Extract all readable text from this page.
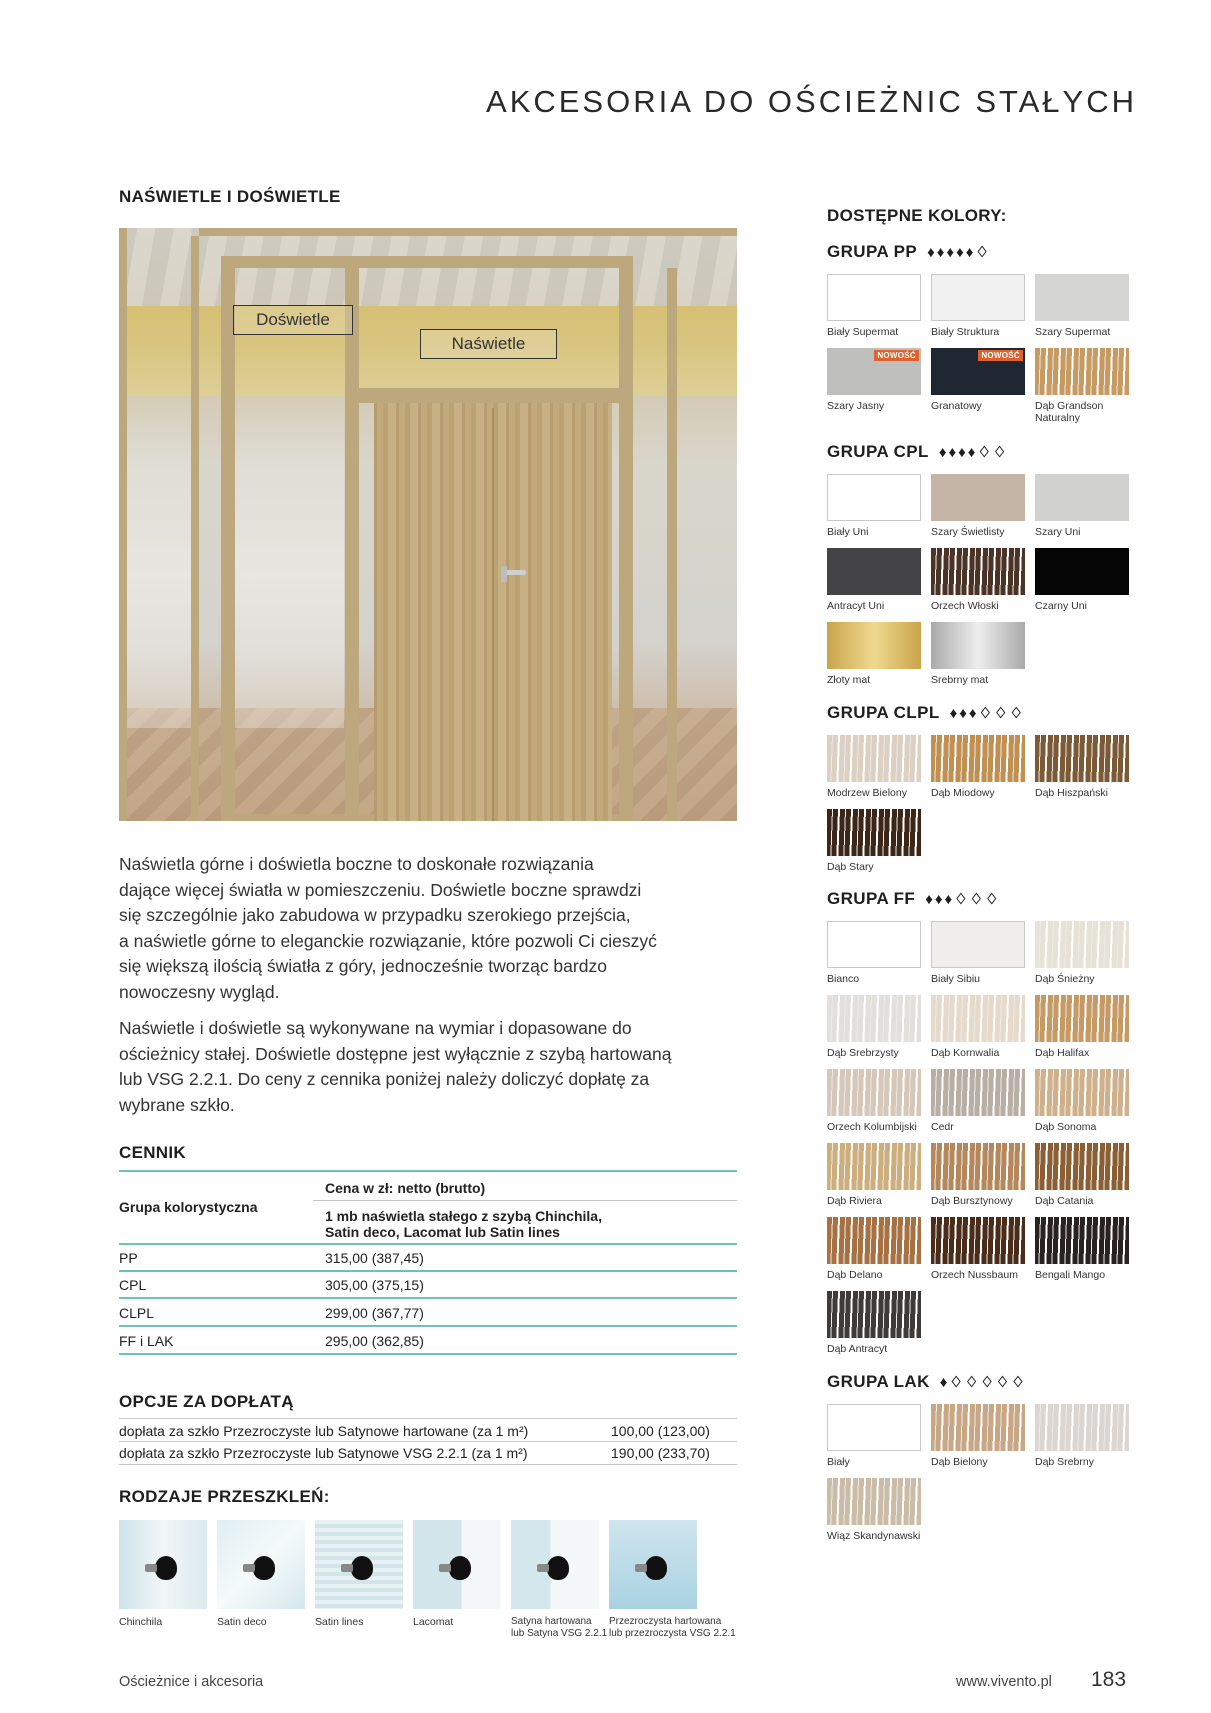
AKCESORIA DO OŚCIEŻNIC STAŁYCH
NAŚWIETLE I DOŚWIETLE
Doświetle
Naświetle
Naświetla górne i doświetla boczne to doskonałe rozwiązania
dające więcej światła w pomieszczeniu. Doświetle boczne sprawdzi
się szczególnie jako zabudowa w przypadku szerokiego przejścia,
a naświetle górne to eleganckie rozwiązanie, które pozwoli Ci cieszyć
się większą ilością światła z góry, jednocześnie tworząc bardzo
nowoczesny wygląd.
Naświetle i doświetle są wykonywane na wymiar i dopasowane do
ościeżnicy stałej. Doświetle dostępne jest wyłącznie z szybą hartowaną
lub VSG 2.2.1. Do ceny z cennika poniżej należy doliczyć dopłatę za
wybrane szkło.
CENNIK
Cena w zł: netto (brutto)
Grupa kolorystyczna
1 mb naświetla stałego z szybą Chinchila,
Satin deco, Lacomat lub Satin lines
PP	315,00 (387,45)
CPL	305,00 (375,15)
CLPL	299,00 (367,77)
FF i LAK	295,00 (362,85)
OPCJE ZA DOPŁATĄ
dopłata za szkło Przezroczyste lub Satynowe hartowane (za 1 m²)	100,00 (123,00)
dopłata za szkło Przezroczyste lub Satynowe VSG 2.2.1 (za 1 m²)	190,00 (233,70)
RODZAJE PRZESZKLEŃ:
Chinchila	Satin deco	Satin lines	Lacomat	Satyna hartowana
lub Satyna VSG 2.2.1
Przezroczysta hartowana
lub przezroczysta VSG 2.2.1
DOSTĘPNE KOLORY:
GRUPA PP ♦♦♦♦♦♢
Biały Supermat	Biały Struktura	Szary Supermat
NOWOŚĆ
Szary Jasny
NOWOŚĆ
Granatowy	Dąb Grandson Naturalny
GRUPA CPL ♦♦♦♦♢♢
Biały Uni	Szary Świetlisty	Szary Uni
Antracyt Uni	Orzech Włoski	Czarny Uni
Złoty mat	Srebrny mat
GRUPA CLPL ♦♦♦♢♢♢
Modrzew Bielony	Dąb Miodowy	Dąb Hiszpański
Dąb Stary
GRUPA FF ♦♦♦♢♢♢
Bianco	Biały Sibiu	Dąb Śnieżny
Dąb Srebrzysty	Dąb Kornwalia	Dąb Halifax
Orzech Kolumbijski	Cedr	Dąb Sonoma
Dąb Riviera	Dąb Bursztynowy	Dąb Catania
Dąb Delano	Orzech Nussbaum	Bengali Mango
Dąb Antracyt
GRUPA LAK ♦♢♢♢♢♢
Biały	Dąb Bielony	Dąb Srebrny
Wiąz Skandynawski
Ościeżnice i akcesoria	www.vivento.pl 183
